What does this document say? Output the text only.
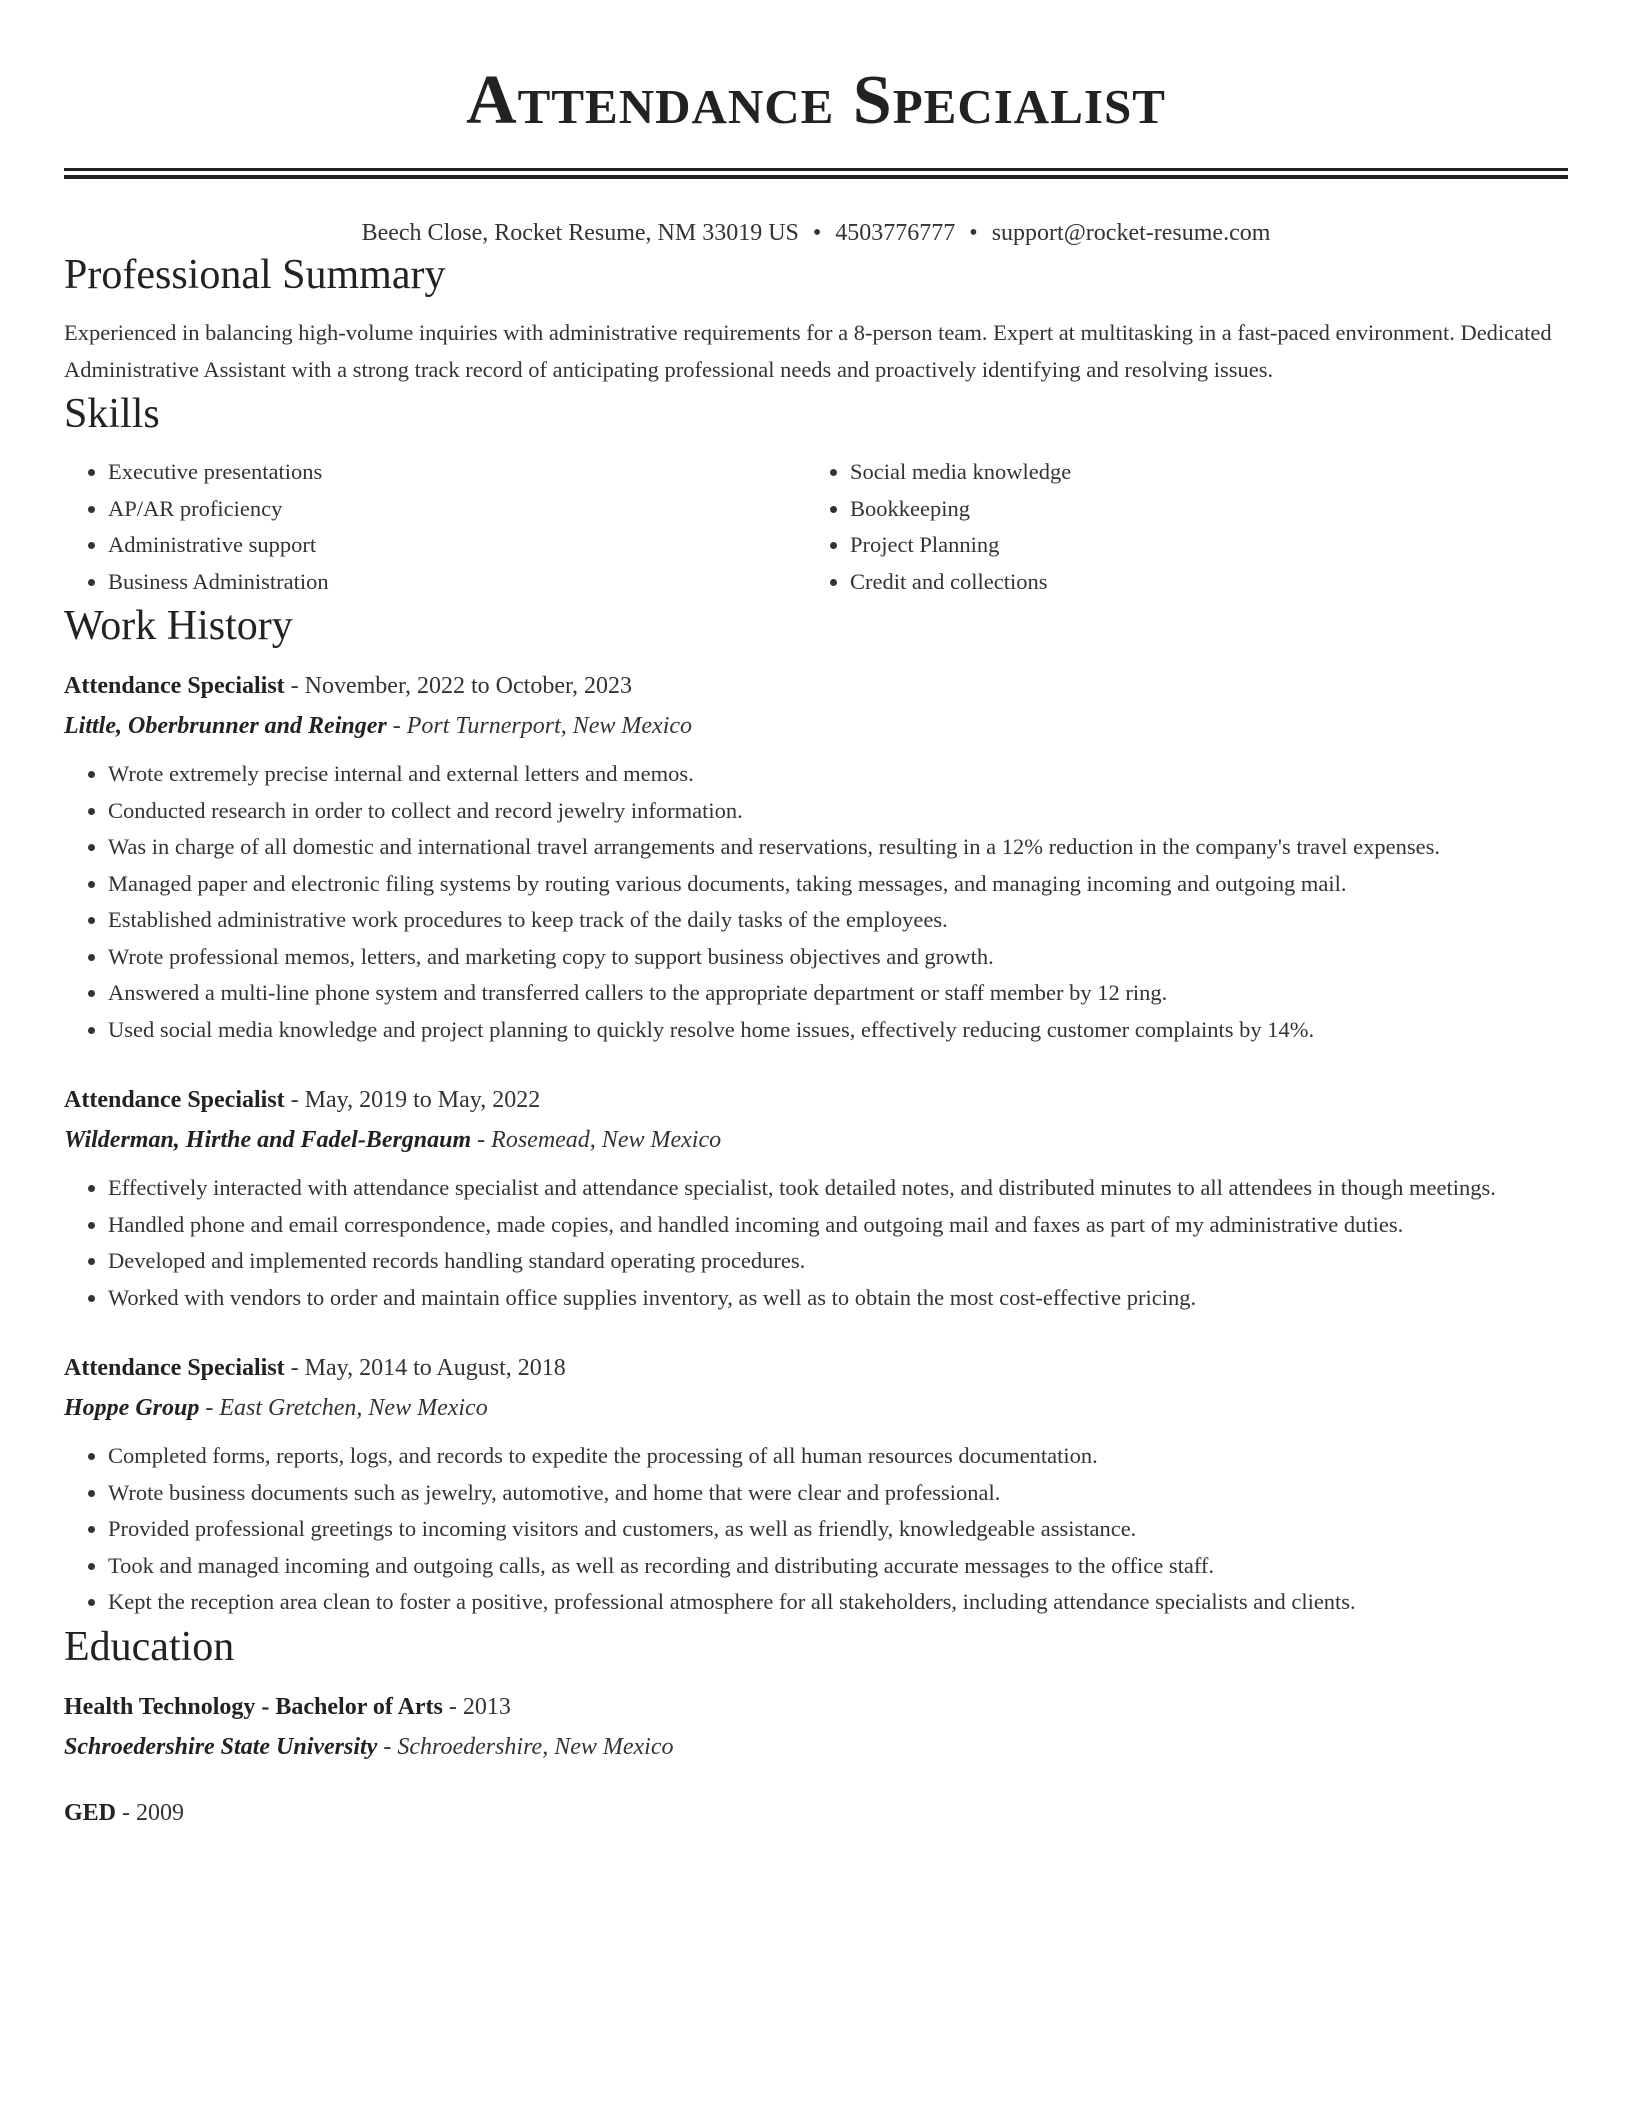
Attendance Specialist
Beech Close, Rocket Resume, NM 33019 US • 4503776777 • support@rocket-resume.com
Professional Summary
Experienced in balancing high-volume inquiries with administrative requirements for a 8-person team. Expert at multitasking in a fast-paced environment. Dedicated Administrative Assistant with a strong track record of anticipating professional needs and proactively identifying and resolving issues.
Skills
• Executive presentations
• AP/AR proficiency
• Administrative support
• Business Administration
• Social media knowledge
• Bookkeeping
• Project Planning
• Credit and collections
Work History
Attendance Specialist - November, 2022 to October, 2023
Little, Oberbrunner and Reinger - Port Turnerport, New Mexico
• Wrote extremely precise internal and external letters and memos.
• Conducted research in order to collect and record jewelry information.
• Was in charge of all domestic and international travel arrangements and reservations, resulting in a 12% reduction in the company's travel expenses.
• Managed paper and electronic filing systems by routing various documents, taking messages, and managing incoming and outgoing mail.
• Established administrative work procedures to keep track of the daily tasks of the employees.
• Wrote professional memos, letters, and marketing copy to support business objectives and growth.
• Answered a multi-line phone system and transferred callers to the appropriate department or staff member by 12 ring.
• Used social media knowledge and project planning to quickly resolve home issues, effectively reducing customer complaints by 14%.
Attendance Specialist - May, 2019 to May, 2022
Wilderman, Hirthe and Fadel-Bergnaum - Rosemead, New Mexico
• Effectively interacted with attendance specialist and attendance specialist, took detailed notes, and distributed minutes to all attendees in though meetings.
• Handled phone and email correspondence, made copies, and handled incoming and outgoing mail and faxes as part of my administrative duties.
• Developed and implemented records handling standard operating procedures.
• Worked with vendors to order and maintain office supplies inventory, as well as to obtain the most cost-effective pricing.
Attendance Specialist - May, 2014 to August, 2018
Hoppe Group - East Gretchen, New Mexico
• Completed forms, reports, logs, and records to expedite the processing of all human resources documentation.
• Wrote business documents such as jewelry, automotive, and home that were clear and professional.
• Provided professional greetings to incoming visitors and customers, as well as friendly, knowledgeable assistance.
• Took and managed incoming and outgoing calls, as well as recording and distributing accurate messages to the office staff.
• Kept the reception area clean to foster a positive, professional atmosphere for all stakeholders, including attendance specialists and clients.
Education
Health Technology - Bachelor of Arts - 2013
Schroedershire State University - Schroedershire, New Mexico
GED - 2009
